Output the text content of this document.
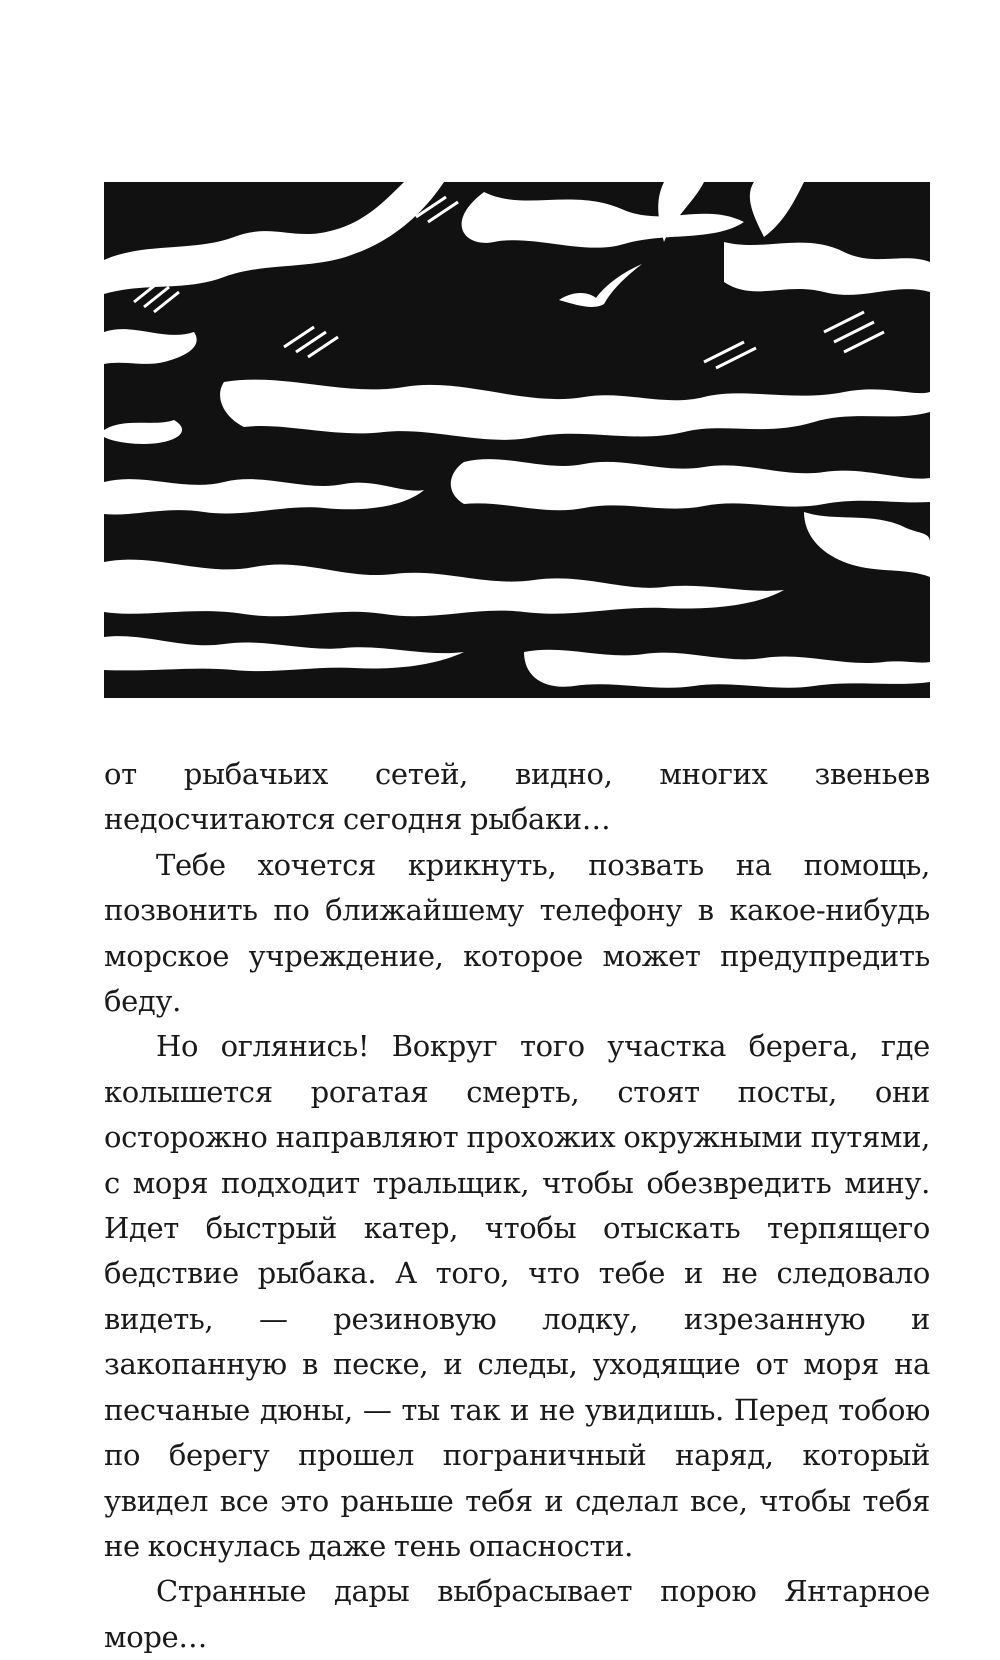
от рыбачьих сетей, видно, многих звеньев недосчитаются сегодня рыбаки…

Тебе хочется крикнуть, позвать на помощь, позвонить по ближайшему телефону в какое-нибудь морское учреждение, которое может предупредить беду.

Но оглянись! Вокруг того участка берега, где колышется рогатая смерть, стоят посты, они осторожно направляют прохожих окружными путями, с моря подходит тральщик, чтобы обезвредить мину. Идет быстрый катер, чтобы отыскать терпящего бедствие рыбака. А того, что тебе и не следовало видеть, — резиновую лодку, изрезанную и закопанную в песке, и следы, уходящие от моря на песчаные дюны, — ты так и не увидишь. Перед тобою по берегу прошел пограничный наряд, который увидел все это раньше тебя и сделал все, чтобы тебя не коснулась даже тень опасности.

Странные дары выбрасывает порою Янтарное море…
